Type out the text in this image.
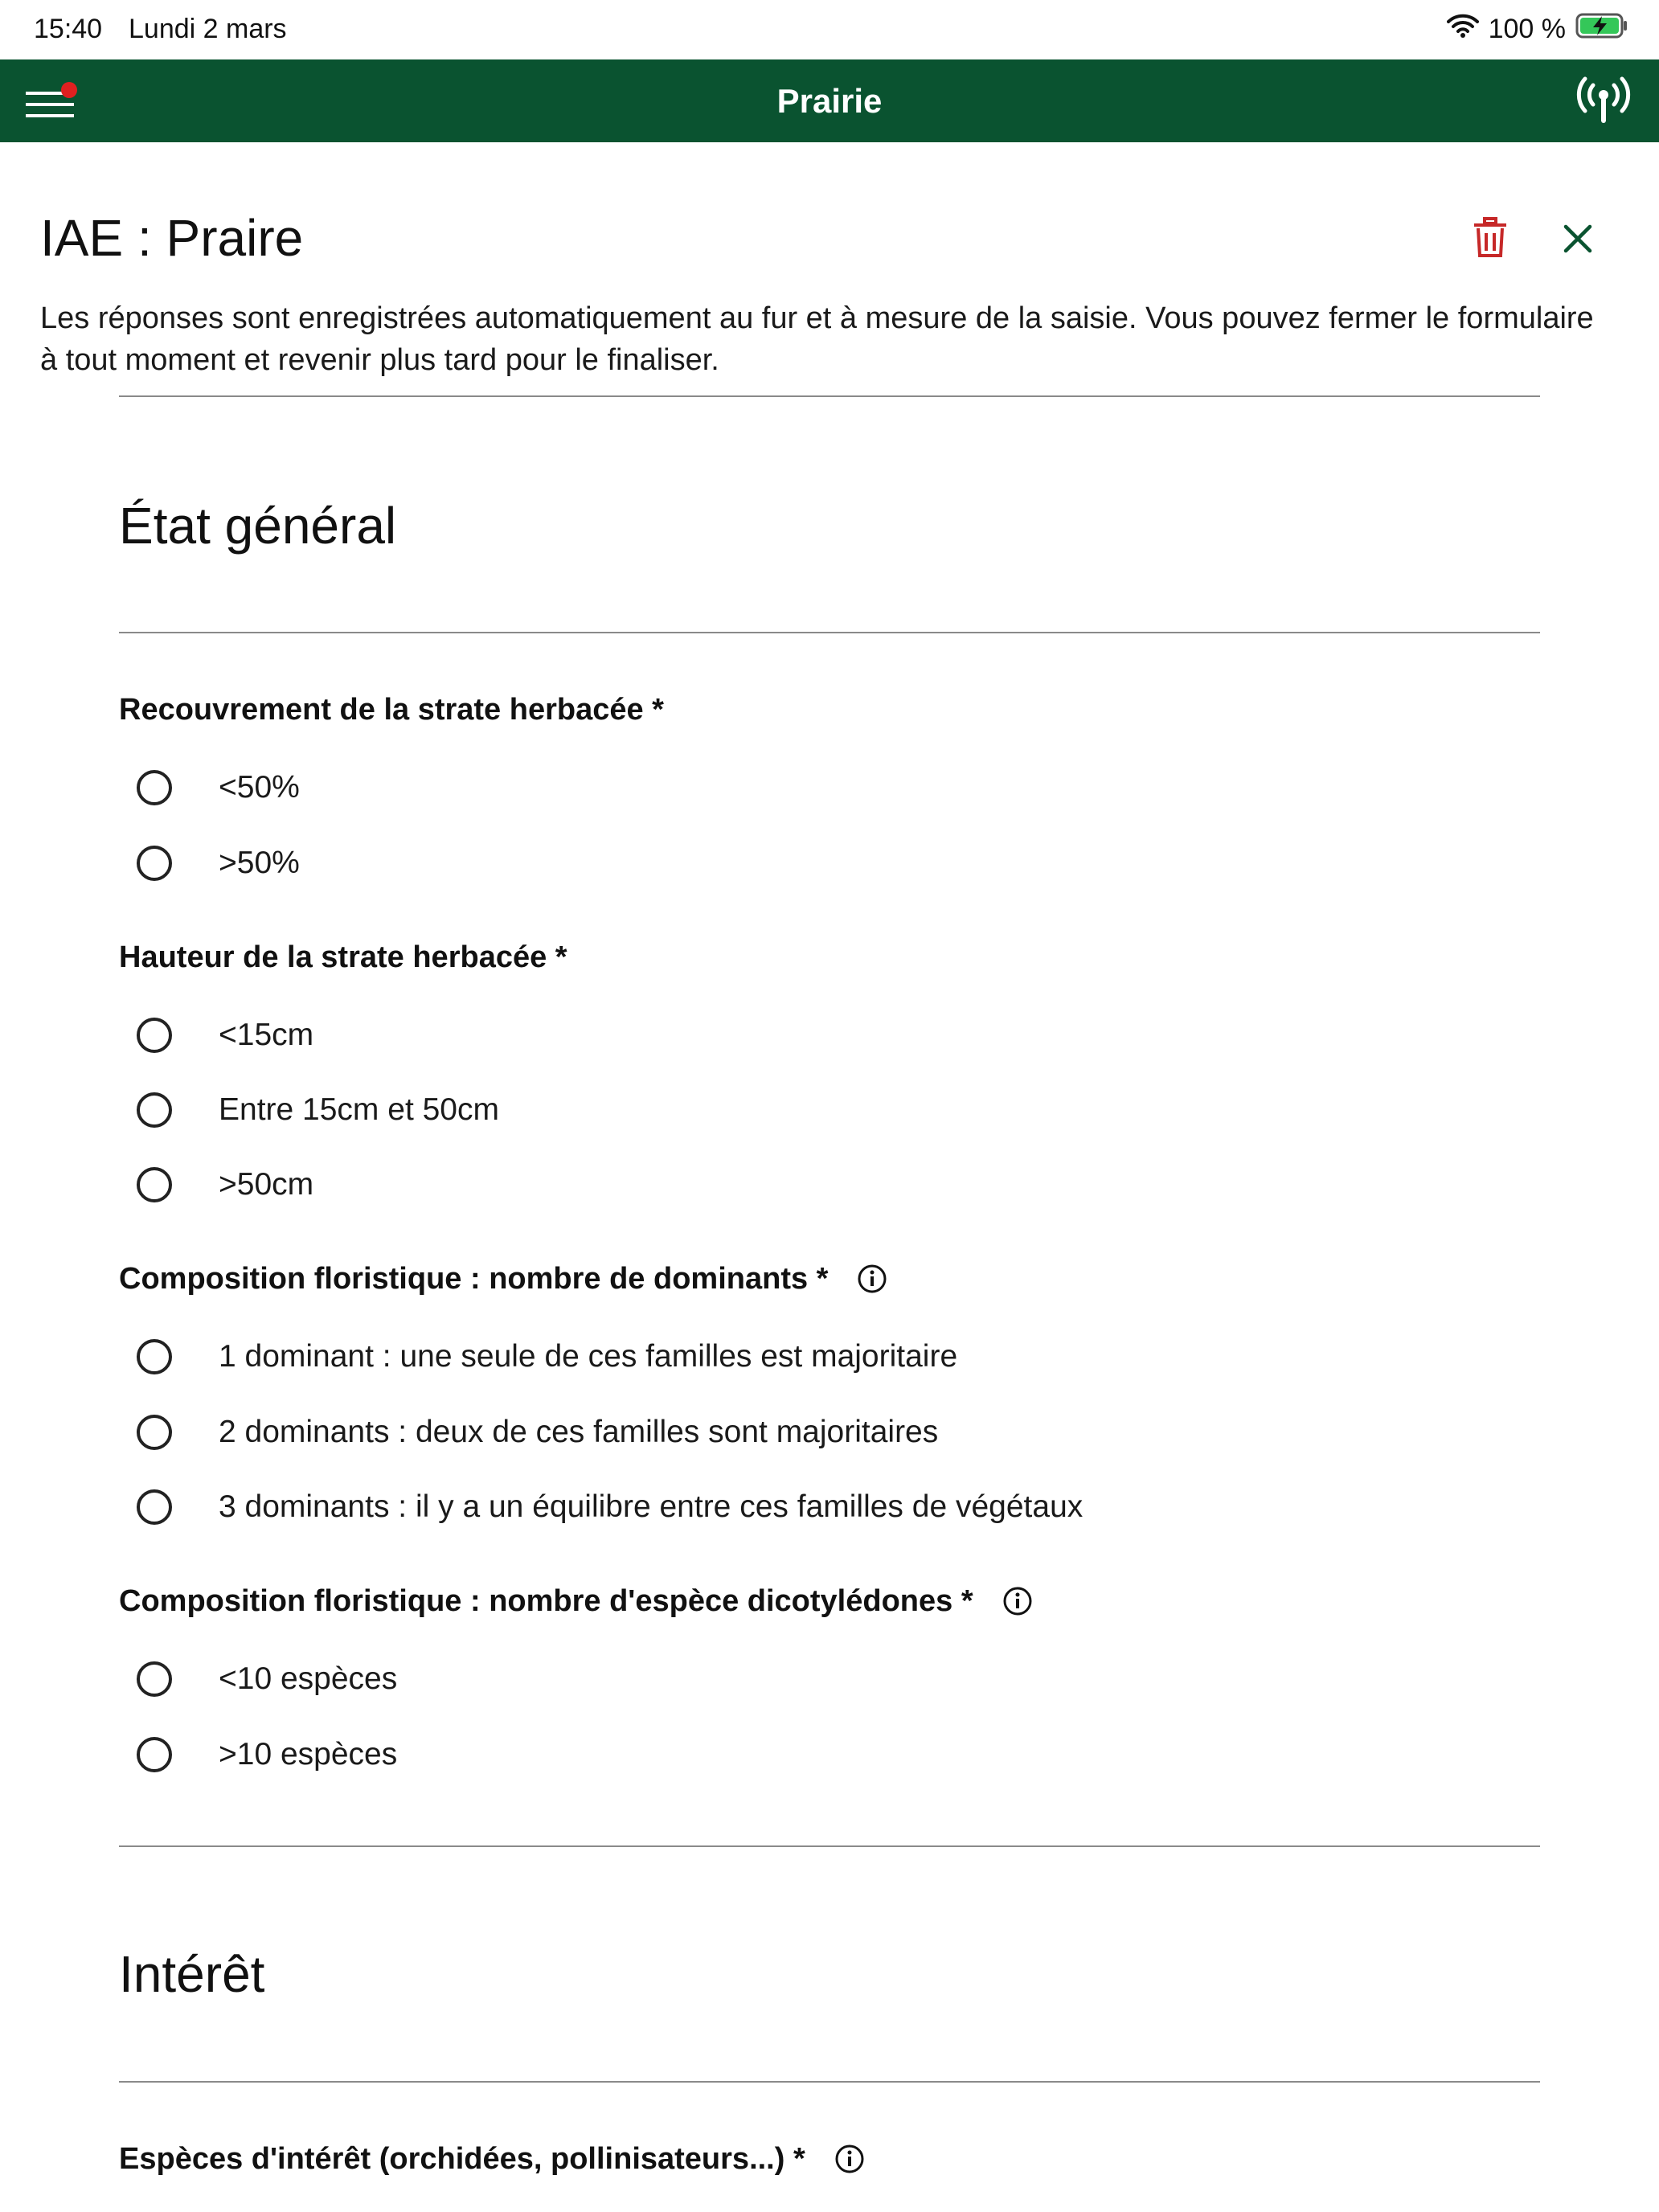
15:40 Lundi 2 mars	100 %
Prairie
IAE : Praire
Les réponses sont enregistrées automatiquement au fur et à mesure de la saisie. Vous pouvez fermer le formulaire à tout moment et revenir plus tard pour le finaliser.
État général
Recouvrement de la strate herbacée *
<50%
>50%
Hauteur de la strate herbacée *
<15cm
Entre 15cm et 50cm
>50cm
Composition floristique : nombre de dominants *
1 dominant : une seule de ces familles est majoritaire
2 dominants : deux de ces familles sont majoritaires
3 dominants : il y a un équilibre entre ces familles de végétaux
Composition floristique : nombre d'espèce dicotylédones *
<10 espèces
>10 espèces
Intérêt
Espèces d'intérêt (orchidées, pollinisateurs...) *
